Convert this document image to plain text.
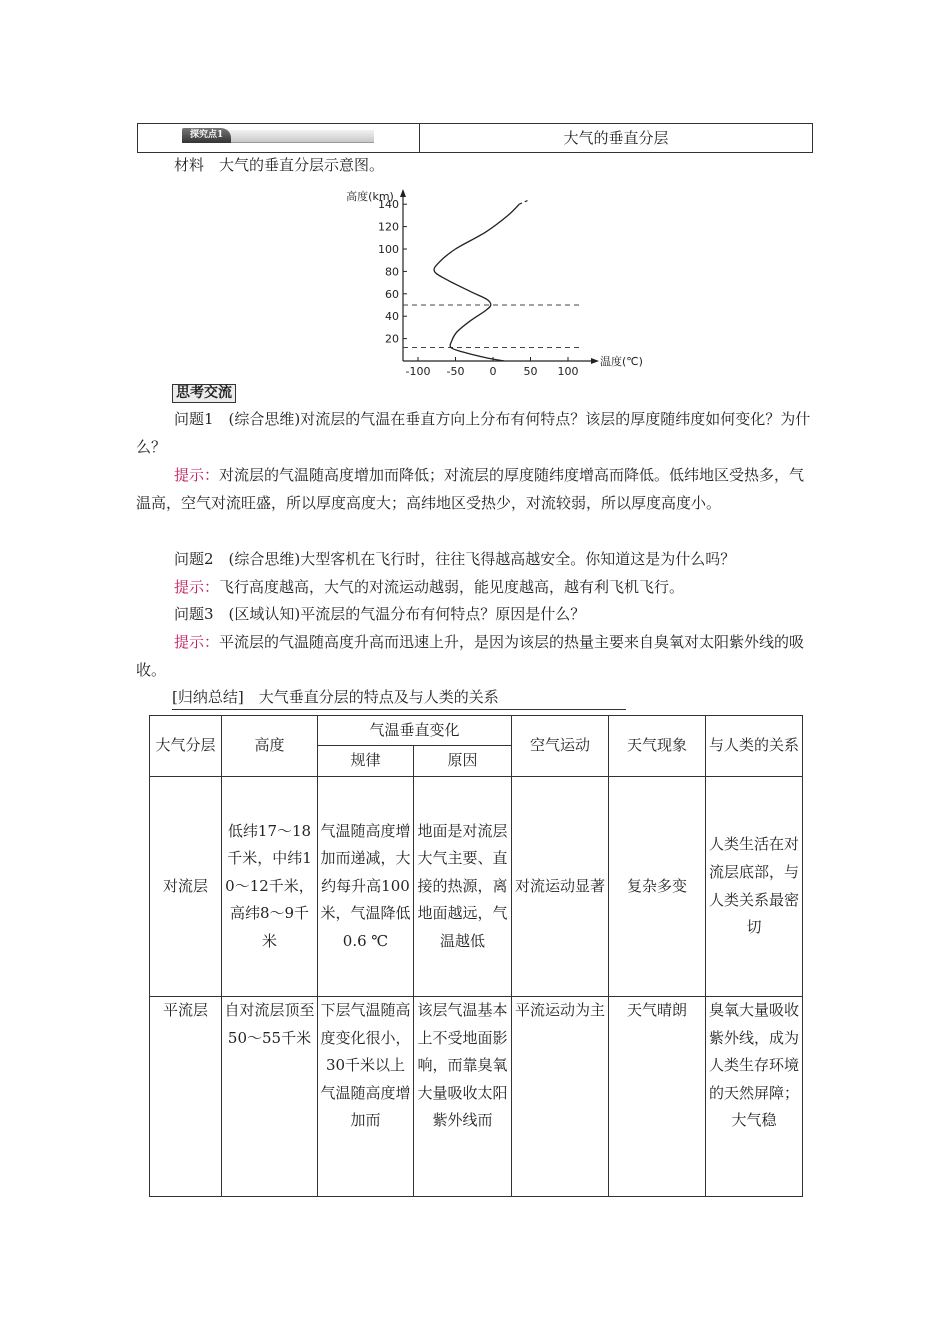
探究点1	大气的垂直分层
材料　大气的垂直分层示意图。
高度(km)
温度(℃)
20
40
60
80
100
120
140
-100 -50 0 50 100
思考交流
问题1　(综合思维)对流层的气温在垂直方向上分布有何特点？该层的厚度随纬度如何变化？为什么？
提示：对流层的气温随高度增加而降低；对流层的厚度随纬度增高而降低。低纬地区受热多，气温高，空气对流旺盛，所以厚度高度大；高纬地区受热少，对流较弱，所以厚度高度小。
问题2　(综合思维)大型客机在飞行时，往往飞得越高越安全。你知道这是为什么吗？
提示：飞行高度越高，大气的对流运动越弱，能见度越高，越有利飞机飞行。
问题3　(区域认知)平流层的气温分布有何特点？原因是什么？
提示：平流层的气温随高度升高而迅速上升，是因为该层的热量主要来自臭氧对太阳紫外线的吸收。
[归纳总结]　大气垂直分层的特点及与人类的关系
大气分层	高度	气温垂直变化		空气运动	天气现象	与人类的关系
		规律	原因			
对流层	低纬17～18千米，中纬10～12千米，高纬8～9千米	气温随高度增加而递减，大约每升高100米，气温降低0.6 ℃	地面是对流层大气主要、直接的热源，离地面越远，气温越低	对流运动显著	复杂多变	人类生活在对流层底部，与人类关系最密切
平流层	自对流层顶至50～55千米	下层气温随高度变化很小，30千米以上气温随高度增加而	该层气温基本上不受地面影响，而靠臭氧大量吸收太阳紫外线而	平流运动为主	天气晴朗	臭氧大量吸收紫外线，成为人类生存环境的天然屏障；大气稳
